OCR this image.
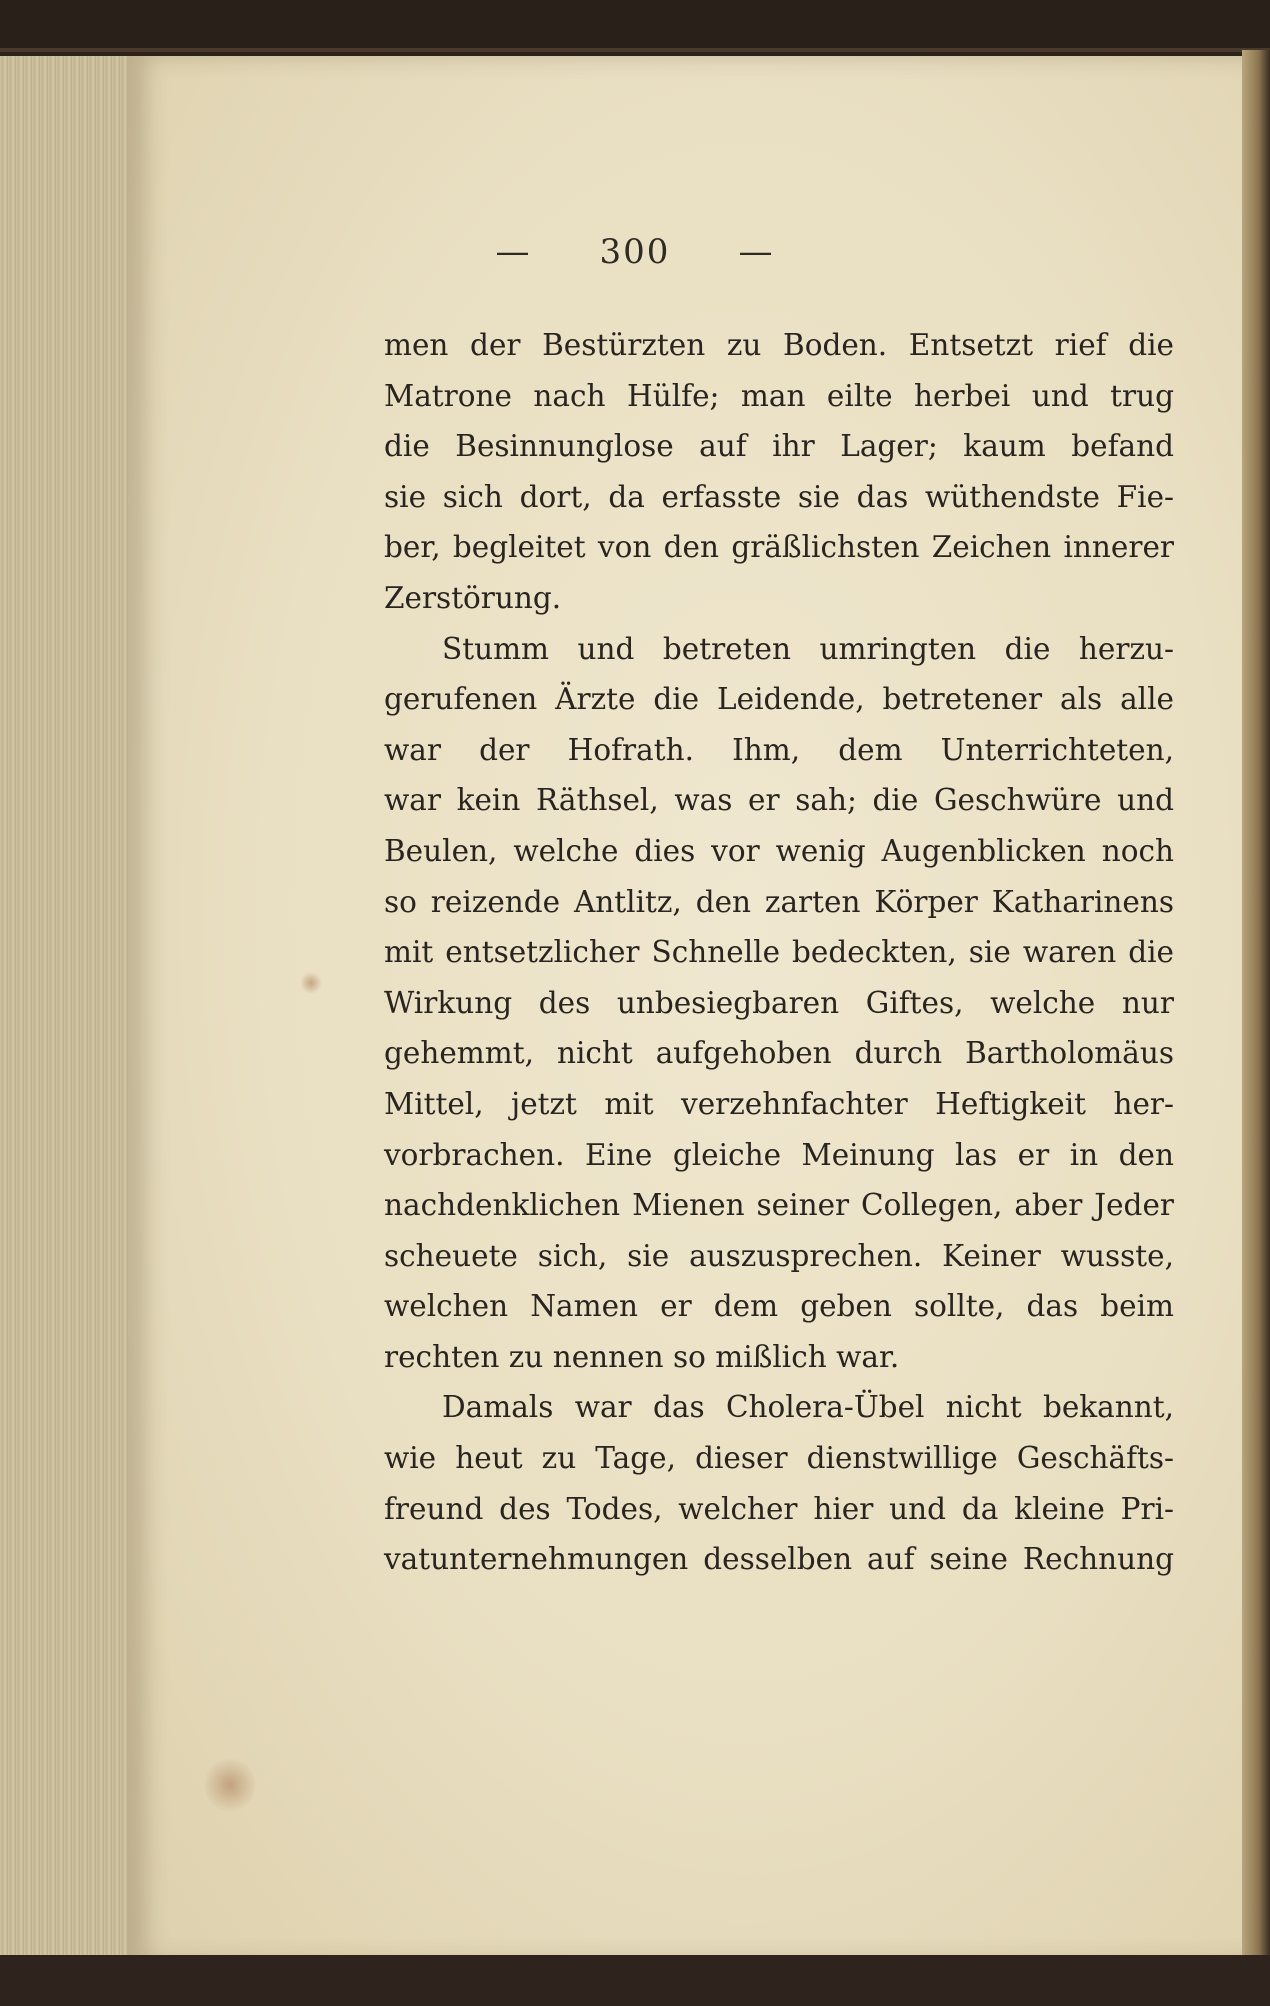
— 300 —
men der Bestürzten zu Boden. Entsetzt rief die
Matrone nach Hülfe; man eilte herbei und trug
die Besinnunglose auf ihr Lager; kaum befand
sie sich dort, da erfasste sie das wüthendste Fie-
ber, begleitet von den gräßlichsten Zeichen innerer
Zerstörung.
Stumm und betreten umringten die herzu-
gerufenen Ärzte die Leidende, betretener als alle
war der Hofrath. Ihm, dem Unterrichteten,
war kein Räthsel, was er sah; die Geschwüre und
Beulen, welche dies vor wenig Augenblicken noch
so reizende Antlitz, den zarten Körper Katharinens
mit entsetzlicher Schnelle bedeckten, sie waren die
Wirkung des unbesiegbaren Giftes, welche nur
gehemmt, nicht aufgehoben durch Bartholomäus
Mittel, jetzt mit verzehnfachter Heftigkeit her-
vorbrachen. Eine gleiche Meinung las er in den
nachdenklichen Mienen seiner Collegen, aber Jeder
scheuete sich, sie auszusprechen. Keiner wusste,
welchen Namen er dem geben sollte, das beim
rechten zu nennen so mißlich war.
Damals war das Cholera-Übel nicht bekannt,
wie heut zu Tage, dieser dienstwillige Geschäfts-
freund des Todes, welcher hier und da kleine Pri-
vatunternehmungen desselben auf seine Rechnung
